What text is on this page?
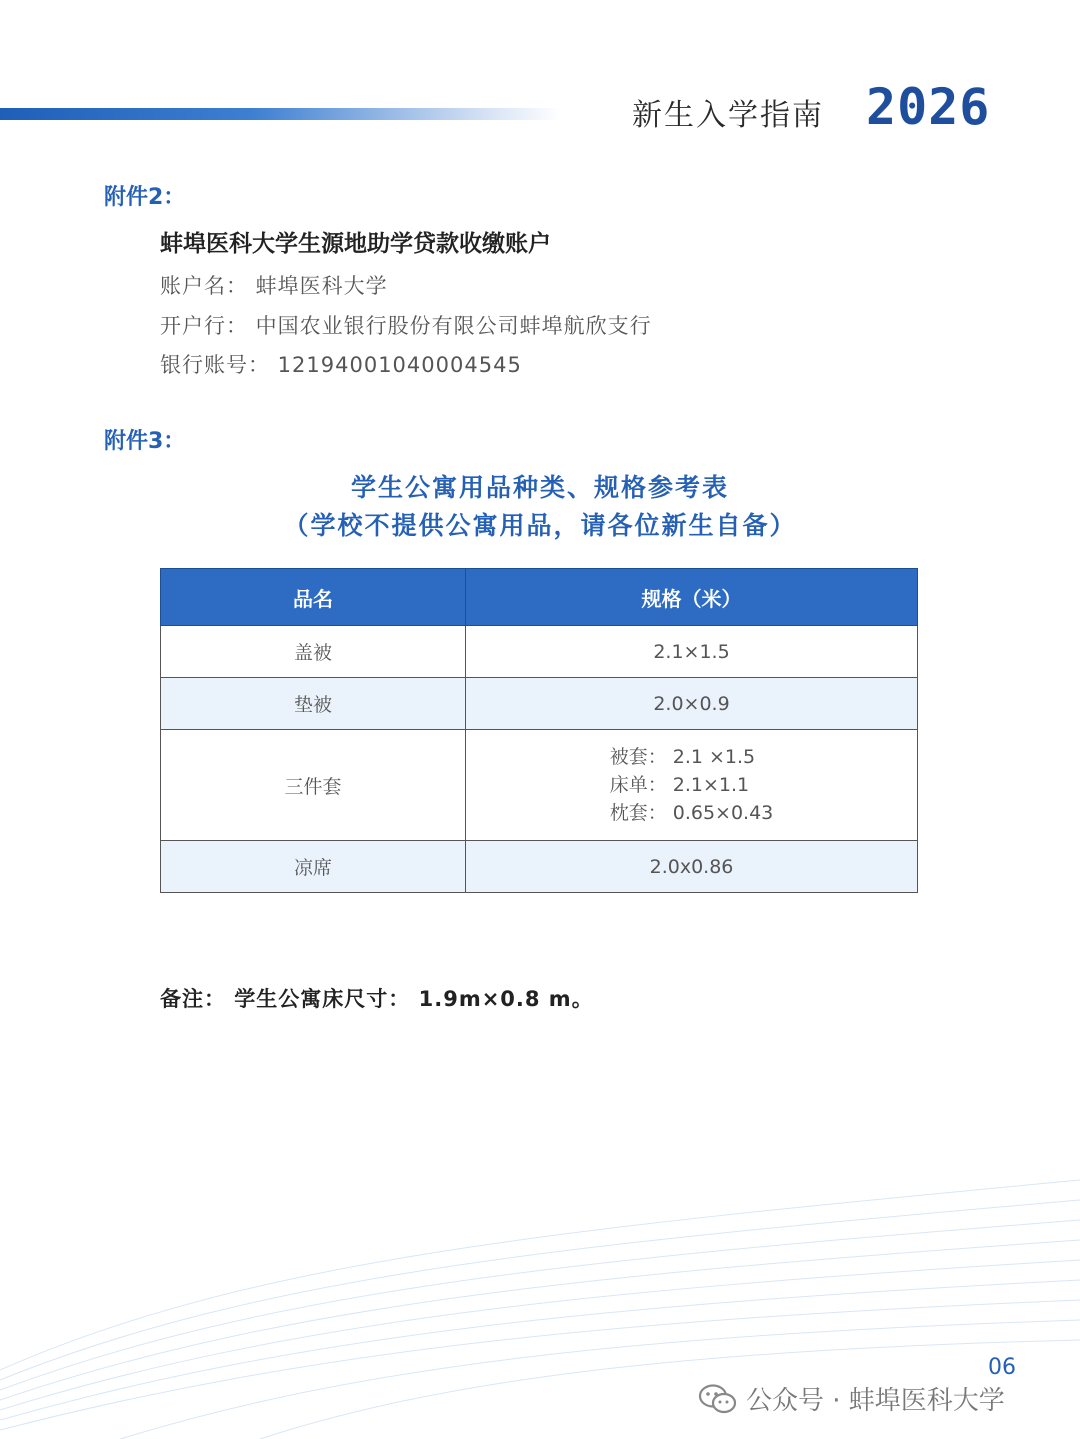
新生入学指南 2026
附件2：
蚌埠医科大学生源地助学贷款收缴账户
账户名： 蚌埠医科大学
开户行： 中国农业银行股份有限公司蚌埠航欣支行
银行账号： 12194001040004545
附件3：
学生公寓用品种类、规格参考表
（学校不提供公寓用品，请各位新生自备）
品名	规格（米）
盖被	2.1×1.5
垫被	2.0×0.9
三件套	被套： 2.1 ×1.5
床单： 2.1×1.1
枕套： 0.65×0.43

凉席	2.0x0.86
备注： 学生公寓床尺寸： 1.9m×0.8 m。
06
公众号 · 蚌埠医科大学
